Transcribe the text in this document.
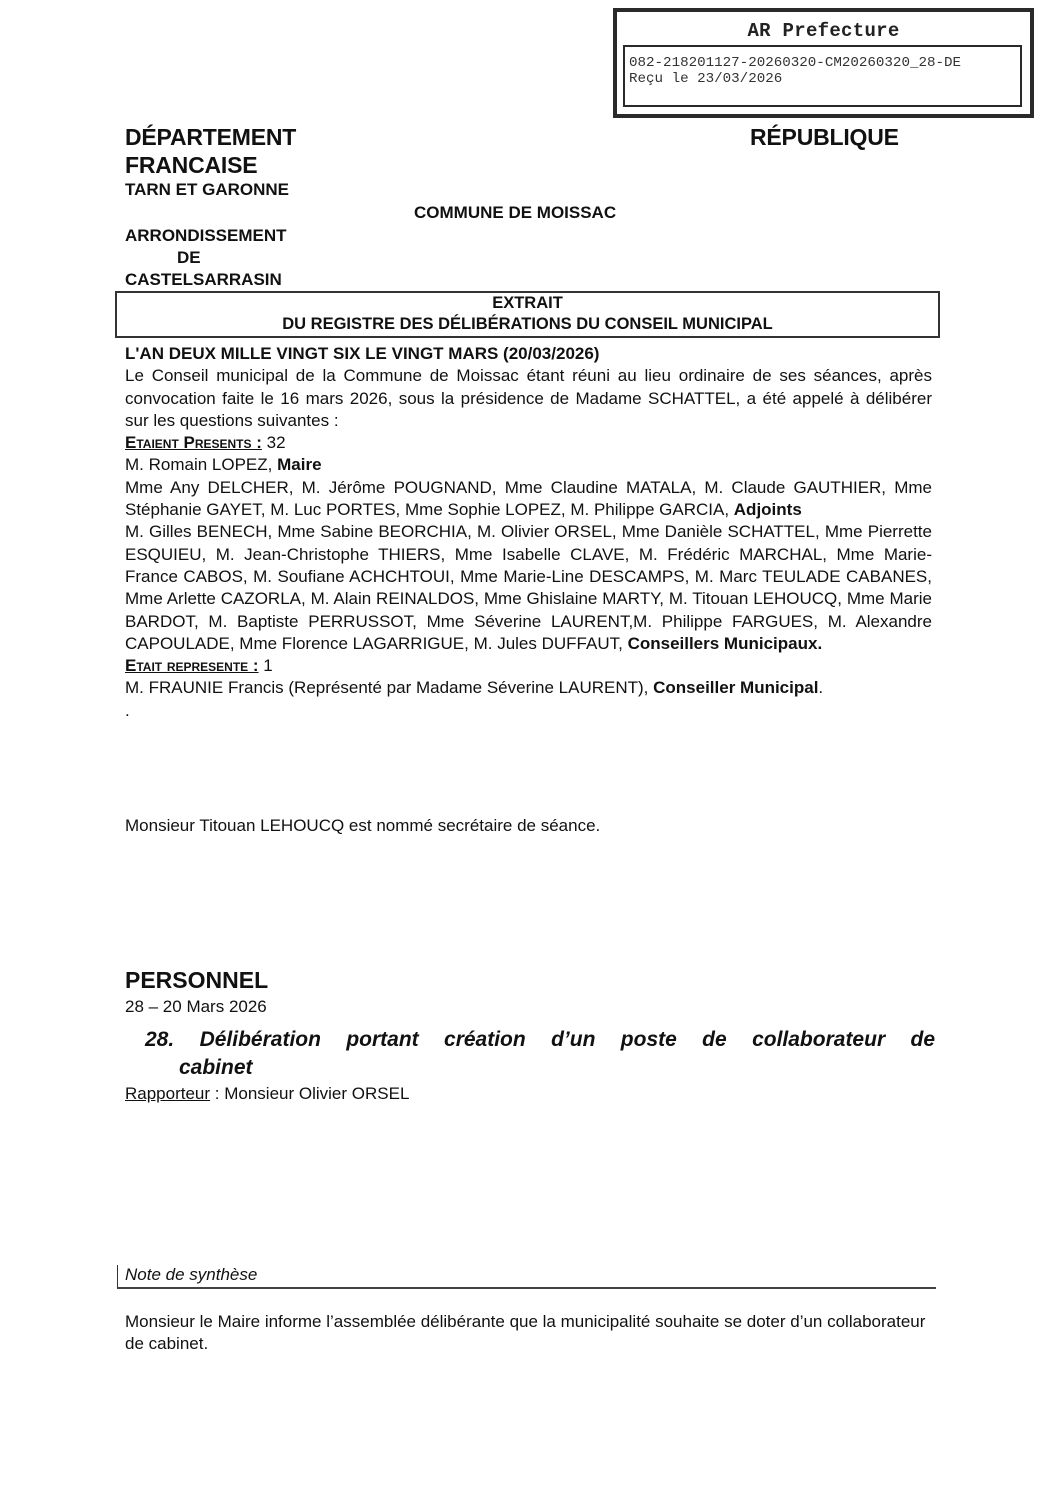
AR Prefecture
082-218201127-20260320-CM20260320_28-DE
Reçu le 23/03/2026
DÉPARTEMENT	RÉPUBLIQUE
FRANCAISE
TARN ET GARONNE
COMMUNE DE MOISSAC
ARRONDISSEMENT
DE
CASTELSARRASIN
EXTRAIT
DU REGISTRE DES DÉLIBÉRATIONS DU CONSEIL MUNICIPAL

L'AN DEUX MILLE VINGT SIX LE VINGT MARS (20/03/2026)

Le Conseil municipal de la Commune de Moissac étant réuni au lieu ordinaire de ses séances, après convocation faite le 16 mars 2026, sous la présidence de Madame SCHATTEL, a été appelé à délibérer sur les questions suivantes :

Etaient Presents : 32

M. Romain LOPEZ, Maire

Mme Any DELCHER, M. Jérôme POUGNAND, Mme Claudine MATALA, M. Claude GAUTHIER, Mme Stéphanie GAYET, M. Luc PORTES, Mme Sophie LOPEZ, M. Philippe GARCIA, Adjoints

M. Gilles BENECH, Mme Sabine BEORCHIA, M. Olivier ORSEL, Mme Danièle SCHATTEL, Mme Pierrette ESQUIEU, M. Jean-Christophe THIERS, Mme Isabelle CLAVE, M. Frédéric MARCHAL, Mme Marie-France CABOS, M. Soufiane ACHCHTOUI, Mme Marie-Line DESCAMPS, M. Marc TEULADE CABANES, Mme Arlette CAZORLA, M. Alain REINALDOS, Mme Ghislaine MARTY, M. Titouan LEHOUCQ, Mme Marie BARDOT, M. Baptiste PERRUSSOT, Mme Séverine LAURENT,M. Philippe FARGUES, M. Alexandre CAPOULADE, Mme Florence LAGARRIGUE, M. Jules DUFFAUT, Conseillers Municipaux.

Etait represente : 1

M. FRAUNIE Francis (Représenté par Madame Séverine LAURENT), Conseiller Municipal.

.

Monsieur Titouan LEHOUCQ est nommé secrétaire de séance.
PERSONNEL
28 – 20 Mars 2026
28. Délibération portant création d’un poste de collaborateur de
cabinet
Rapporteur : Monsieur Olivier ORSEL
Note de synthèse
Monsieur le Maire informe l’assemblée délibérante que la municipalité souhaite se doter d’un collaborateur de cabinet.
